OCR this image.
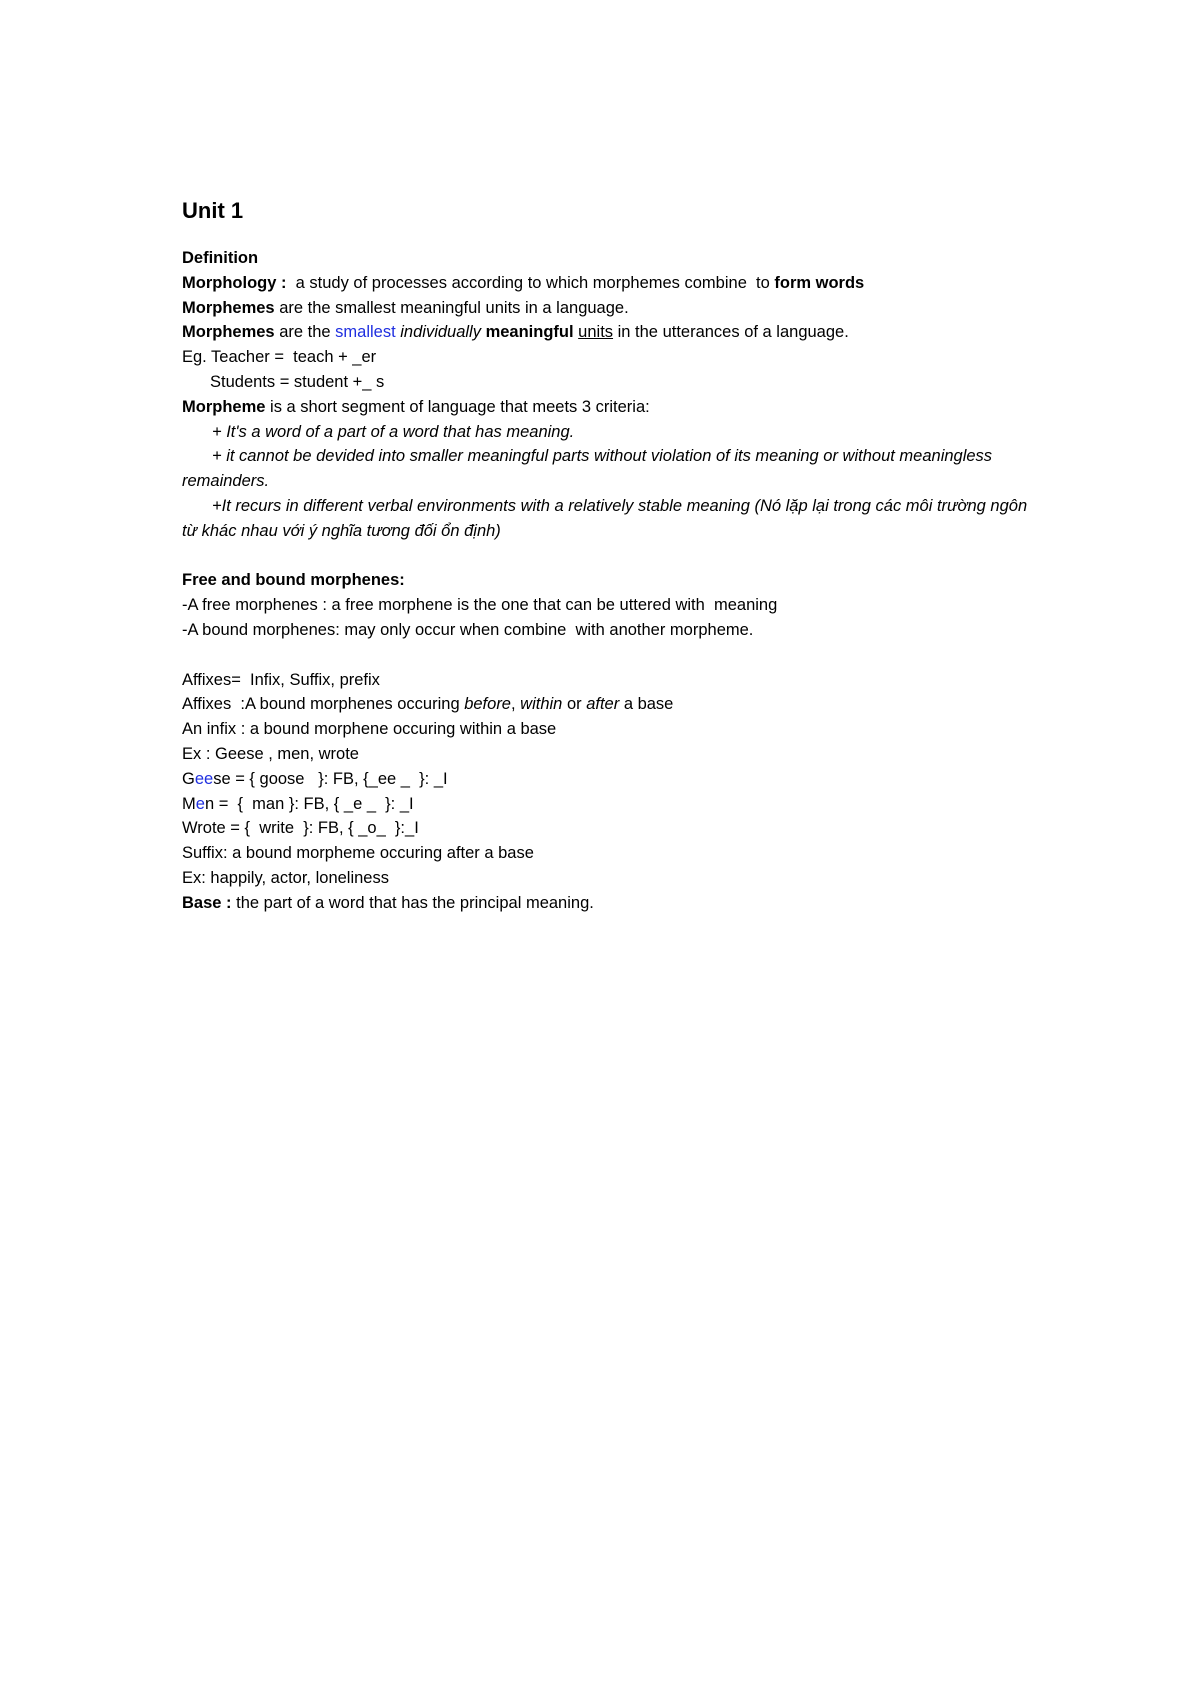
Unit 1
Definition
Morphology :  a study of processes according to which morphemes combine  to form words
Morphemes are the smallest meaningful units in a language.
Morphemes are the smallest individually meaningful units in the utterances of a language.
Eg. Teacher =  teach + _er
Students = student +_ s
Morpheme is a short segment of language that meets 3 criteria:
+ It's a word of a part of a word that has meaning.
+ it cannot be devided into smaller meaningful parts without violation of its meaning or without meaningless remainders.
+It recurs in different verbal environments with a relatively stable meaning (Nó lặp lại trong các môi trường ngôn từ khác nhau với ý nghĩa tương đối ổn định)
Free and bound morphenes:
-A free morphenes : a free morphene is the one that can be uttered with  meaning
-A bound morphenes: may only occur when combine  with another morpheme.
Affixes=  Infix, Suffix, prefix
Affixes  :A bound morphenes occuring before, within or after a base
An infix : a bound morphene occuring within a base
Ex : Geese , men, wrote
Geese = { goose   }: FB, {_ee _  }: _I
Men =  {  man }: FB, { _e _  }: _I
Wrote = {  write  }: FB, { _o_  }:_I
Suffix: a bound morpheme occuring after a base
Ex: happily, actor, loneliness
Base : the part of a word that has the principal meaning.
